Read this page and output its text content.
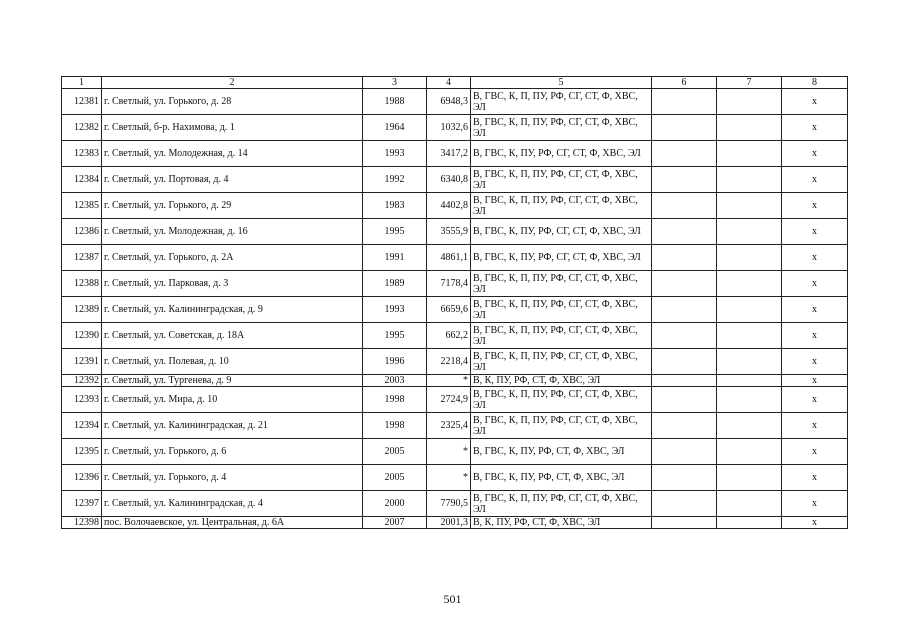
1	2	3	4	5	6	7	8
12381	г. Светлый, ул. Горького, д. 28	1988	6948,3	В, ГВС, К, П, ПУ, РФ, СГ, СТ, Ф, ХВС, ЭЛ			х
12382	г. Светлый, б-р. Нахимова, д. 1	1964	1032,6	В, ГВС, К, П, ПУ, РФ, СГ, СТ, Ф, ХВС, ЭЛ			х
12383	г. Светлый, ул. Молодежная, д. 14	1993	3417,2	В, ГВС, К, ПУ, РФ, СГ, СТ, Ф, ХВС, ЭЛ			х
12384	г. Светлый, ул. Портовая, д. 4	1992	6340,8	В, ГВС, К, П, ПУ, РФ, СГ, СТ, Ф, ХВС, ЭЛ			х
12385	г. Светлый, ул. Горького, д. 29	1983	4402,8	В, ГВС, К, П, ПУ, РФ, СГ, СТ, Ф, ХВС, ЭЛ			х
12386	г. Светлый, ул. Молодежная, д. 16	1995	3555,9	В, ГВС, К, ПУ, РФ, СГ, СТ, Ф, ХВС, ЭЛ			х
12387	г. Светлый, ул. Горького, д. 2А	1991	4861,1	В, ГВС, К, ПУ, РФ, СГ, СТ, Ф, ХВС, ЭЛ			х
12388	г. Светлый, ул. Парковая, д. 3	1989	7178,4	В, ГВС, К, П, ПУ, РФ, СГ, СТ, Ф, ХВС, ЭЛ			х
12389	г. Светлый, ул. Калининградская, д. 9	1993	6659,6	В, ГВС, К, П, ПУ, РФ, СГ, СТ, Ф, ХВС, ЭЛ			х
12390	г. Светлый, ул. Советская, д. 18А	1995	662,2	В, ГВС, К, П, ПУ, РФ, СГ, СТ, Ф, ХВС, ЭЛ			х
12391	г. Светлый, ул. Полевая, д. 10	1996	2218,4	В, ГВС, К, П, ПУ, РФ, СГ, СТ, Ф, ХВС, ЭЛ			х
12392	г. Светлый, ул. Тургенева, д. 9	2003	*	В, К, ПУ, РФ, СТ, Ф, ХВС, ЭЛ			х
12393	г. Светлый, ул. Мира, д. 10	1998	2724,9	В, ГВС, К, П, ПУ, РФ, СГ, СТ, Ф, ХВС, ЭЛ			х
12394	г. Светлый, ул. Калининградская, д. 21	1998	2325,4	В, ГВС, К, П, ПУ, РФ, СГ, СТ, Ф, ХВС, ЭЛ			х
12395	г. Светлый, ул. Горького, д. 6	2005	*	В, ГВС, К, ПУ, РФ, СТ, Ф, ХВС, ЭЛ			х
12396	г. Светлый, ул. Горького, д. 4	2005	*	В, ГВС, К, ПУ, РФ, СТ, Ф, ХВС, ЭЛ			х
12397	г. Светлый, ул. Калининградская, д. 4	2000	7790,5	В, ГВС, К, П, ПУ, РФ, СГ, СТ, Ф, ХВС, ЭЛ			х
12398	пос. Волочаевское, ул. Центральная, д. 6А	2007	2001,3	В, К, ПУ, РФ, СТ, Ф, ХВС, ЭЛ			х
501
